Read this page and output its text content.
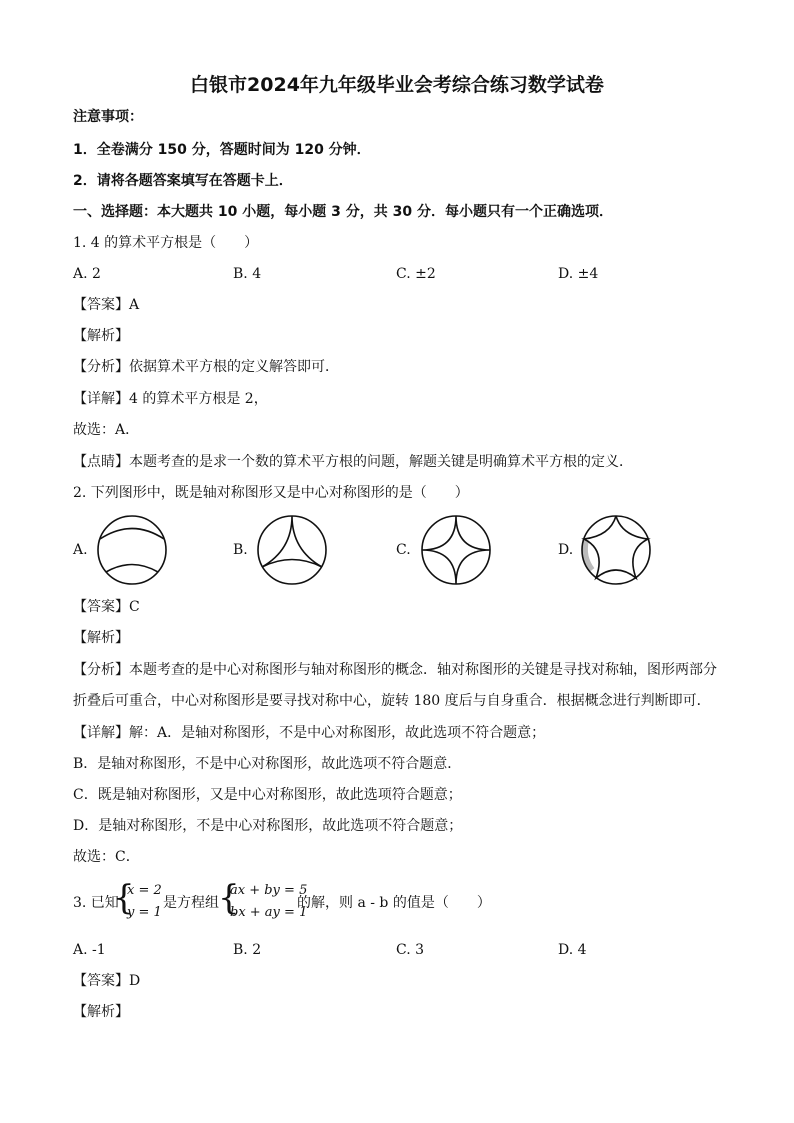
白银市2024年九年级毕业会考综合练习数学试卷
注意事项：
1．全卷满分 150 分，答题时间为 120 分钟．
2．请将各题答案填写在答题卡上．
一、选择题：本大题共 10 小题，每小题 3 分，共 30 分．每小题只有一个正确选项．
1. 4 的算术平方根是（　　）
A. 2	B. 4	C. ±2	D. ±4
【答案】A
【解析】
【分析】依据算术平方根的定义解答即可．
【详解】4 的算术平方根是 2，
故选：A．
【点睛】本题考查的是求一个数的算术平方根的问题，解题关键是明确算术平方根的定义．
2. 下列图形中，既是轴对称图形又是中心对称图形的是（　　）
A.	B.	C.	D.
【答案】C
【解析】
【分析】本题考查的是中心对称图形与轴对称图形的概念．轴对称图形的关键是寻找对称轴，图形两部分
折叠后可重合，中心对称图形是要寻找对称中心，旋转 180 度后与自身重合．根据概念进行判断即可．
【详解】解：A．是轴对称图形，不是中心对称图形，故此选项不符合题意；
B．是轴对称图形，不是中心对称图形，故此选项不符合题意．
C．既是轴对称图形，又是中心对称图形，故此选项符合题意；
D．是轴对称图形，不是中心对称图形，故此选项不符合题意；
故选：C．
3. 已知
{
x = 2
y = 1
是方程组 {
ax + by = 5
bx + ay = 1
的解，则 a - b 的值是（　　）
A. -1	B. 2	C. 3	D. 4
【答案】D
【解析】
